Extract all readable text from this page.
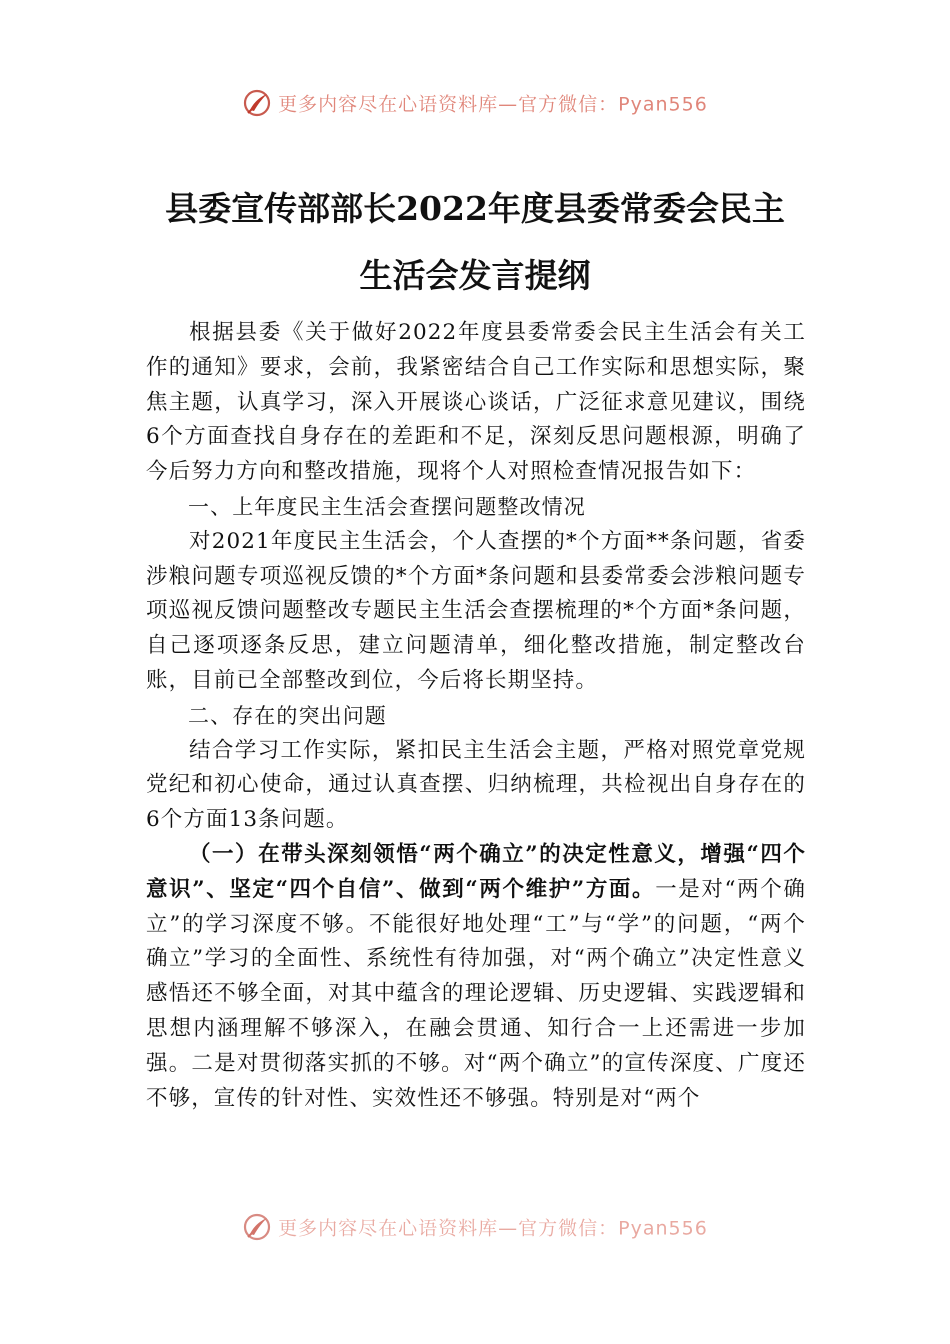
更多内容尽在心语资料库—官方微信：Pyan556
县委宣传部部长2022年度县委常委会民主
生活会发言提纲

根据县委《关于做好2022年度县委常委会民主生活会有关工作的通知》要求，会前，我紧密结合自己工作实际和思想实际，聚焦主题，认真学习，深入开展谈心谈话，广泛征求意见建议，围绕6个方面查找自身存在的差距和不足，深刻反思问题根源，明确了今后努力方向和整改措施，现将个人对照检查情况报告如下：

一、上年度民主生活会查摆问题整改情况

对2021年度民主生活会，个人查摆的*个方面**条问题，省委涉粮问题专项巡视反馈的*个方面*条问题和县委常委会涉粮问题专项巡视反馈问题整改专题民主生活会查摆梳理的*个方面*条问题，自己逐项逐条反思，建立问题清单，细化整改措施，制定整改台账，目前已全部整改到位，今后将长期坚持。

二、存在的突出问题

结合学习工作实际，紧扣民主生活会主题，严格对照党章党规党纪和初心使命，通过认真查摆、归纳梳理，共检视出自身存在的6个方面13条问题。

（一）在带头深刻领悟“两个确立”的决定性意义，增强“四个意识”、坚定“四个自信”、做到“两个维护”方面。一是对“两个确立”的学习深度不够。不能很好地处理“工”与“学”的问题，“两个确立”学习的全面性、系统性有待加强，对“两个确立”决定性意义感悟还不够全面，对其中蕴含的理论逻辑、历史逻辑、实践逻辑和思想内涵理解不够深入，在融会贯通、知行合一上还需进一步加强。二是对贯彻落实抓的不够。对“两个确立”的宣传深度、广度还不够，宣传的针对性、实效性还不够强。特别是对“两个

更多内容尽在心语资料库—官方微信：Pyan556
